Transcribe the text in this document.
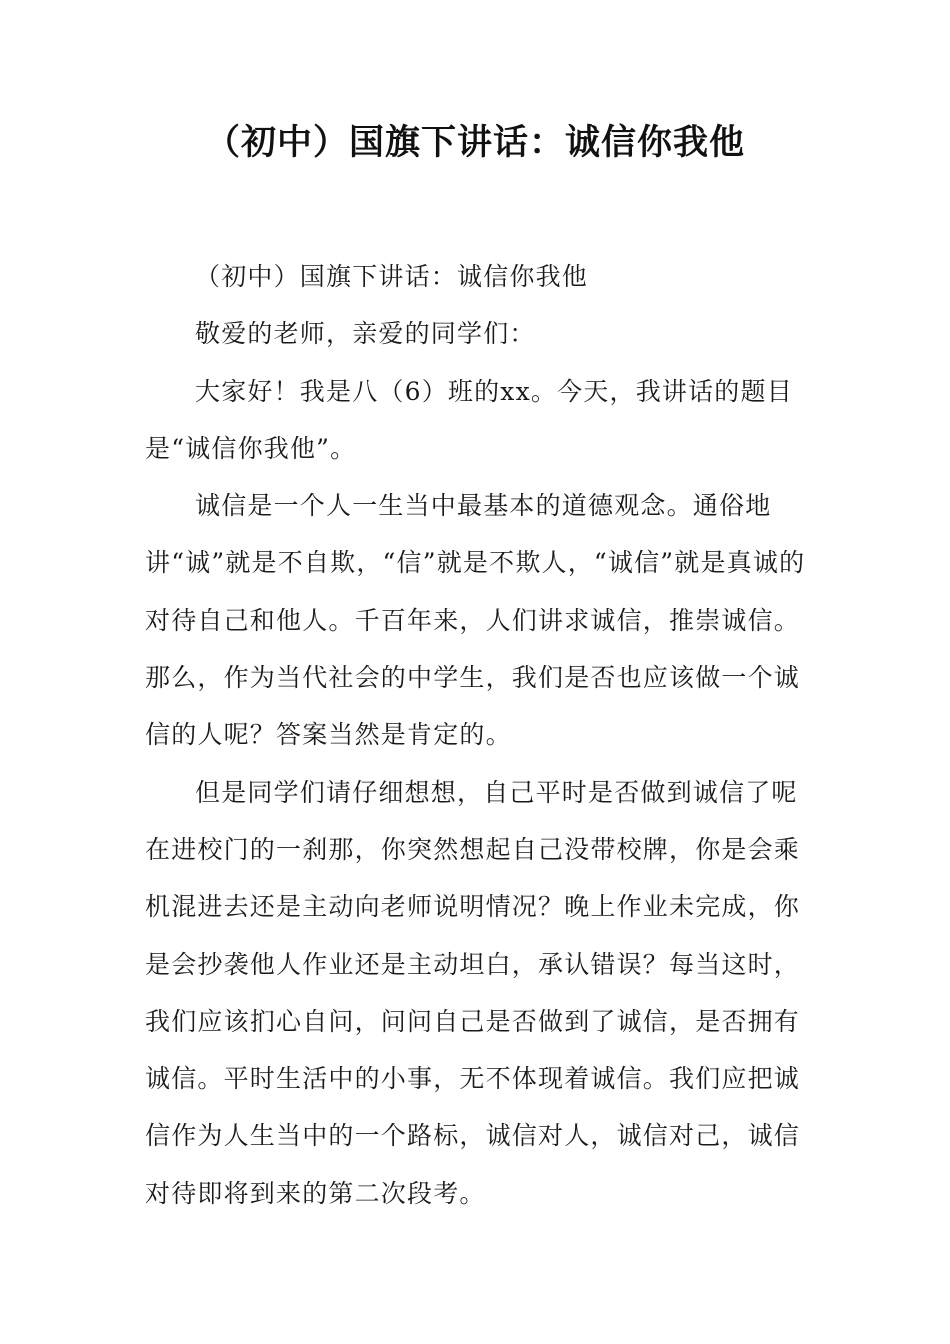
（初中）国旗下讲话：诚信你我他

（初中）国旗下讲话：诚信你我他

敬爱的老师，亲爱的同学们：

大家好！我是八（6）班的xx。今天，我讲话的题目是“诚信你我他”。

诚信是一个人一生当中最基本的道德观念。通俗地讲“诚”就是不自欺，“信”就是不欺人，“诚信”就是真诚的对待自己和他人。千百年来，人们讲求诚信，推崇诚信。那么，作为当代社会的中学生，我们是否也应该做一个诚信的人呢？答案当然是肯定的。

但是同学们请仔细想想，自己平时是否做到诚信了呢在进校门的一刹那，你突然想起自己没带校牌，你是会乘机混进去还是主动向老师说明情况？晚上作业未完成，你是会抄袭他人作业还是主动坦白，承认错误？每当这时，我们应该扪心自问，问问自己是否做到了诚信，是否拥有诚信。平时生活中的小事，无不体现着诚信。我们应把诚信作为人生当中的一个路标，诚信对人，诚信对己，诚信对待即将到来的第二次段考。
